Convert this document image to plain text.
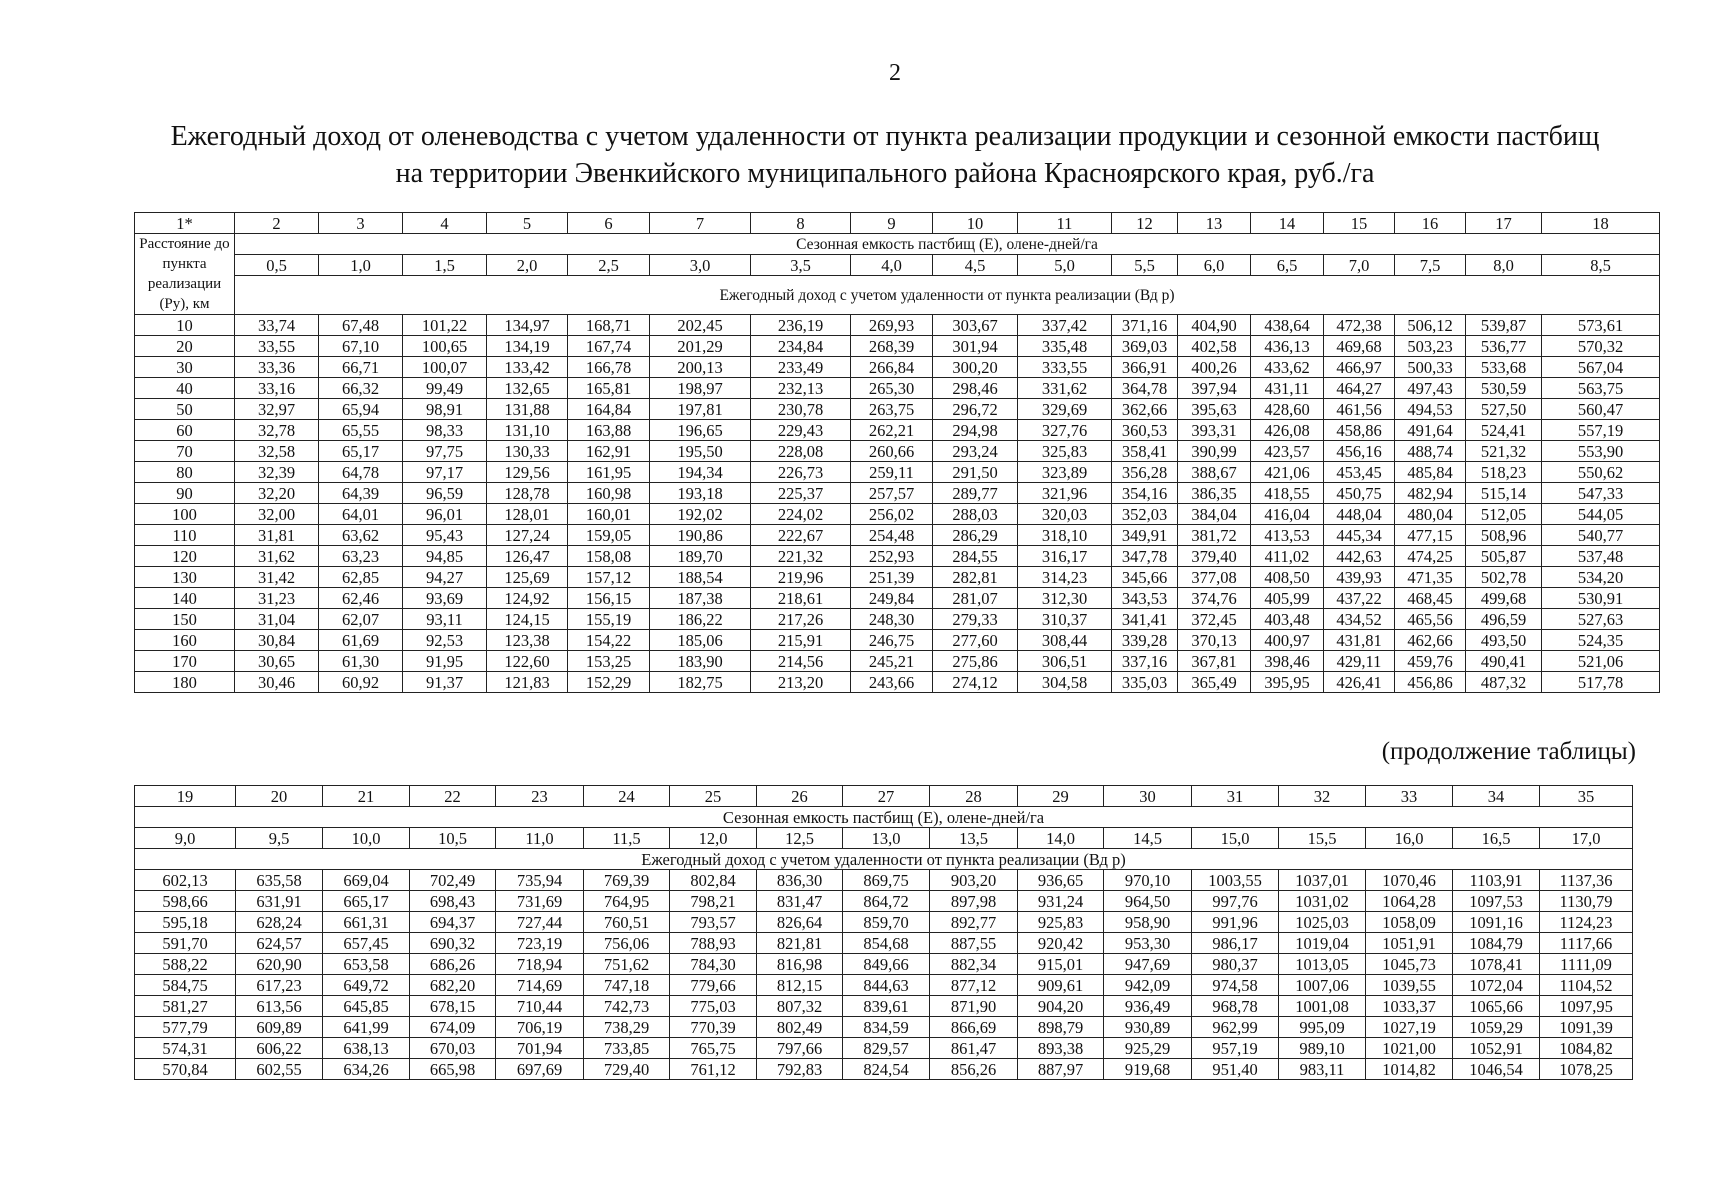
2
Ежегодный доход от оленеводства с учетом удаленности от пункта реализации продукции и сезонной емкости пастбищ
на территории Эвенкийского муниципального района Красноярского края, руб./га
1*	2	3	4	5	6	7	8	9	10	11	12	13	14	15	16	17	18
Расстояние до пункта реализации (Ру), км	Сезонная емкость пастбищ (Е), олене-дней/га																
	0,5	1,0	1,5	2,0	2,5	3,0	3,5	4,0	4,5	5,0	5,5	6,0	6,5	7,0	7,5	8,0	8,5
	Ежегодный доход с учетом удаленности от пункта реализации (Вд р)																

10	33,74	67,48	101,22	134,97	168,71	202,45	236,19	269,93	303,67	337,42	371,16	404,90	438,64	472,38	506,12	539,87	573,61
20	33,55	67,10	100,65	134,19	167,74	201,29	234,84	268,39	301,94	335,48	369,03	402,58	436,13	469,68	503,23	536,77	570,32
30	33,36	66,71	100,07	133,42	166,78	200,13	233,49	266,84	300,20	333,55	366,91	400,26	433,62	466,97	500,33	533,68	567,04
40	33,16	66,32	99,49	132,65	165,81	198,97	232,13	265,30	298,46	331,62	364,78	397,94	431,11	464,27	497,43	530,59	563,75
50	32,97	65,94	98,91	131,88	164,84	197,81	230,78	263,75	296,72	329,69	362,66	395,63	428,60	461,56	494,53	527,50	560,47
60	32,78	65,55	98,33	131,10	163,88	196,65	229,43	262,21	294,98	327,76	360,53	393,31	426,08	458,86	491,64	524,41	557,19
70	32,58	65,17	97,75	130,33	162,91	195,50	228,08	260,66	293,24	325,83	358,41	390,99	423,57	456,16	488,74	521,32	553,90
80	32,39	64,78	97,17	129,56	161,95	194,34	226,73	259,11	291,50	323,89	356,28	388,67	421,06	453,45	485,84	518,23	550,62
90	32,20	64,39	96,59	128,78	160,98	193,18	225,37	257,57	289,77	321,96	354,16	386,35	418,55	450,75	482,94	515,14	547,33
100	32,00	64,01	96,01	128,01	160,01	192,02	224,02	256,02	288,03	320,03	352,03	384,04	416,04	448,04	480,04	512,05	544,05
110	31,81	63,62	95,43	127,24	159,05	190,86	222,67	254,48	286,29	318,10	349,91	381,72	413,53	445,34	477,15	508,96	540,77
120	31,62	63,23	94,85	126,47	158,08	189,70	221,32	252,93	284,55	316,17	347,78	379,40	411,02	442,63	474,25	505,87	537,48
130	31,42	62,85	94,27	125,69	157,12	188,54	219,96	251,39	282,81	314,23	345,66	377,08	408,50	439,93	471,35	502,78	534,20
140	31,23	62,46	93,69	124,92	156,15	187,38	218,61	249,84	281,07	312,30	343,53	374,76	405,99	437,22	468,45	499,68	530,91
150	31,04	62,07	93,11	124,15	155,19	186,22	217,26	248,30	279,33	310,37	341,41	372,45	403,48	434,52	465,56	496,59	527,63
160	30,84	61,69	92,53	123,38	154,22	185,06	215,91	246,75	277,60	308,44	339,28	370,13	400,97	431,81	462,66	493,50	524,35
170	30,65	61,30	91,95	122,60	153,25	183,90	214,56	245,21	275,86	306,51	337,16	367,81	398,46	429,11	459,76	490,41	521,06
180	30,46	60,92	91,37	121,83	152,29	182,75	213,20	243,66	274,12	304,58	335,03	365,49	395,95	426,41	456,86	487,32	517,78
(продолжение таблицы)
19	20	21	22	23	24	25	26	27	28	29	30	31	32	33	34	35
Сезонная емкость пастбищ (Е), олене-дней/га																
9,0	9,5	10,0	10,5	11,0	11,5	12,0	12,5	13,0	13,5	14,0	14,5	15,0	15,5	16,0	16,5	17,0
Ежегодный доход с учетом удаленности от пункта реализации (Вд р)																
602,13	635,58	669,04	702,49	735,94	769,39	802,84	836,30	869,75	903,20	936,65	970,10	1003,55	1037,01	1070,46	1103,91	1137,36
598,66	631,91	665,17	698,43	731,69	764,95	798,21	831,47	864,72	897,98	931,24	964,50	997,76	1031,02	1064,28	1097,53	1130,79
595,18	628,24	661,31	694,37	727,44	760,51	793,57	826,64	859,70	892,77	925,83	958,90	991,96	1025,03	1058,09	1091,16	1124,23
591,70	624,57	657,45	690,32	723,19	756,06	788,93	821,81	854,68	887,55	920,42	953,30	986,17	1019,04	1051,91	1084,79	1117,66
588,22	620,90	653,58	686,26	718,94	751,62	784,30	816,98	849,66	882,34	915,01	947,69	980,37	1013,05	1045,73	1078,41	1111,09
584,75	617,23	649,72	682,20	714,69	747,18	779,66	812,15	844,63	877,12	909,61	942,09	974,58	1007,06	1039,55	1072,04	1104,52
581,27	613,56	645,85	678,15	710,44	742,73	775,03	807,32	839,61	871,90	904,20	936,49	968,78	1001,08	1033,37	1065,66	1097,95
577,79	609,89	641,99	674,09	706,19	738,29	770,39	802,49	834,59	866,69	898,79	930,89	962,99	995,09	1027,19	1059,29	1091,39
574,31	606,22	638,13	670,03	701,94	733,85	765,75	797,66	829,57	861,47	893,38	925,29	957,19	989,10	1021,00	1052,91	1084,82
570,84	602,55	634,26	665,98	697,69	729,40	761,12	792,83	824,54	856,26	887,97	919,68	951,40	983,11	1014,82	1046,54	1078,25
